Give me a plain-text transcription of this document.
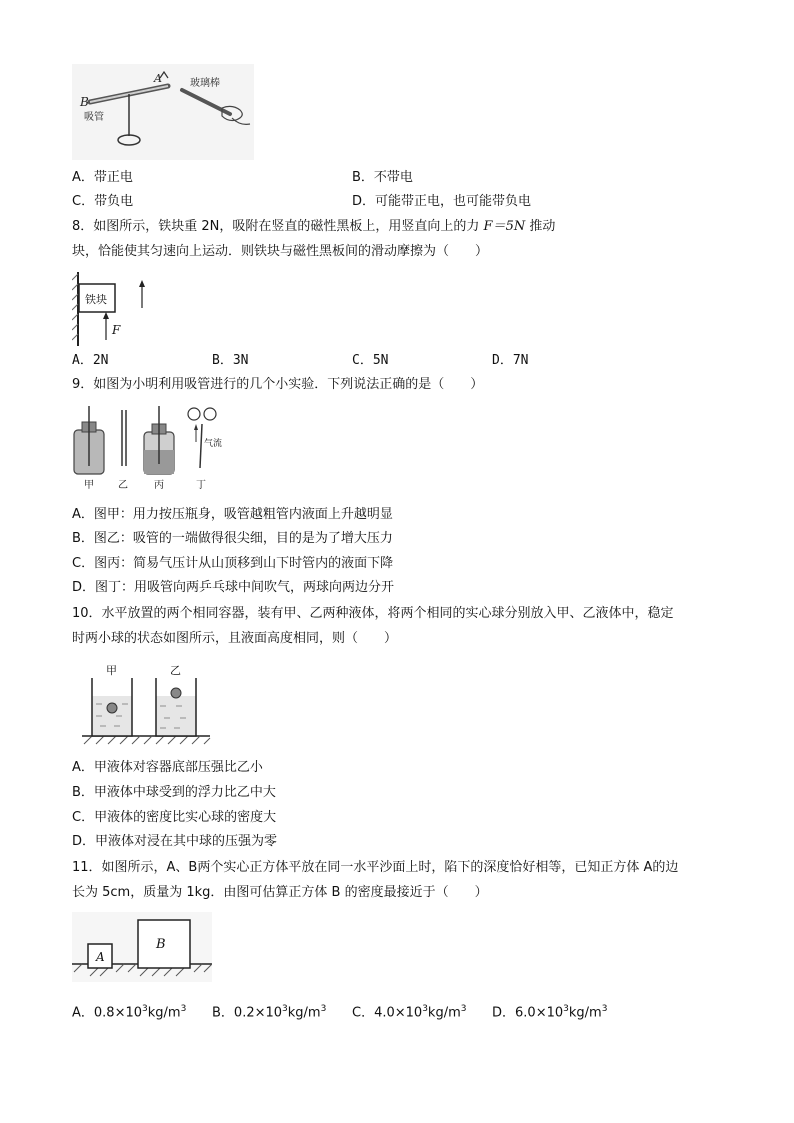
B
A
吸管
玻璃棒
A．带正电	B．不带电
C．带负电	D．可能带正电，也可能带负电
8．如图所示，铁块重 2N，吸附在竖直的磁性黑板上，用竖直向上的力 F＝5N 推动
块，恰能使其匀速向上运动．则铁块与磁性黑板间的滑动摩擦为（　　）
铁块
F
A．2N	B．3N	C．5N	D．7N
9．如图为小明利用吸管进行的几个小实验．下列说法正确的是（　　）
气流
甲 乙	丙	丁
A．图甲：用力按压瓶身，吸管越粗管内液面上升越明显
B．图乙：吸管的一端做得很尖细，目的是为了增大压力
C．图丙：简易气压计从山顶移到山下时管内的液面下降
D．图丁：用吸管向两乒乓球中间吹气，两球向两边分开
10．水平放置的两个相同容器，装有甲、乙两种液体，将两个相同的实心球分别放入甲、乙液体中，稳定
时两小球的状态如图所示，且液面高度相同，则（　　）
甲	乙
A．甲液体对容器底部压强比乙小
B．甲液体中球受到的浮力比乙中大
C．甲液体的密度比实心球的密度大
D．甲液体对浸在其中球的压强为零
11．如图所示，A、B两个实心正方体平放在同一水平沙面上时，陷下的深度恰好相等，已知正方体 A的边
长为 5cm，质量为 1kg．由图可估算正方体 B 的密度最接近于（　　）
A
B
A．$0.8\times 10^3kg/m^3$ B．$0.2\times 10^3kg/m^3$ C．$4.0\times 10^3kg/m^3$ D．$6.0\times 10^3kg/m^3$
